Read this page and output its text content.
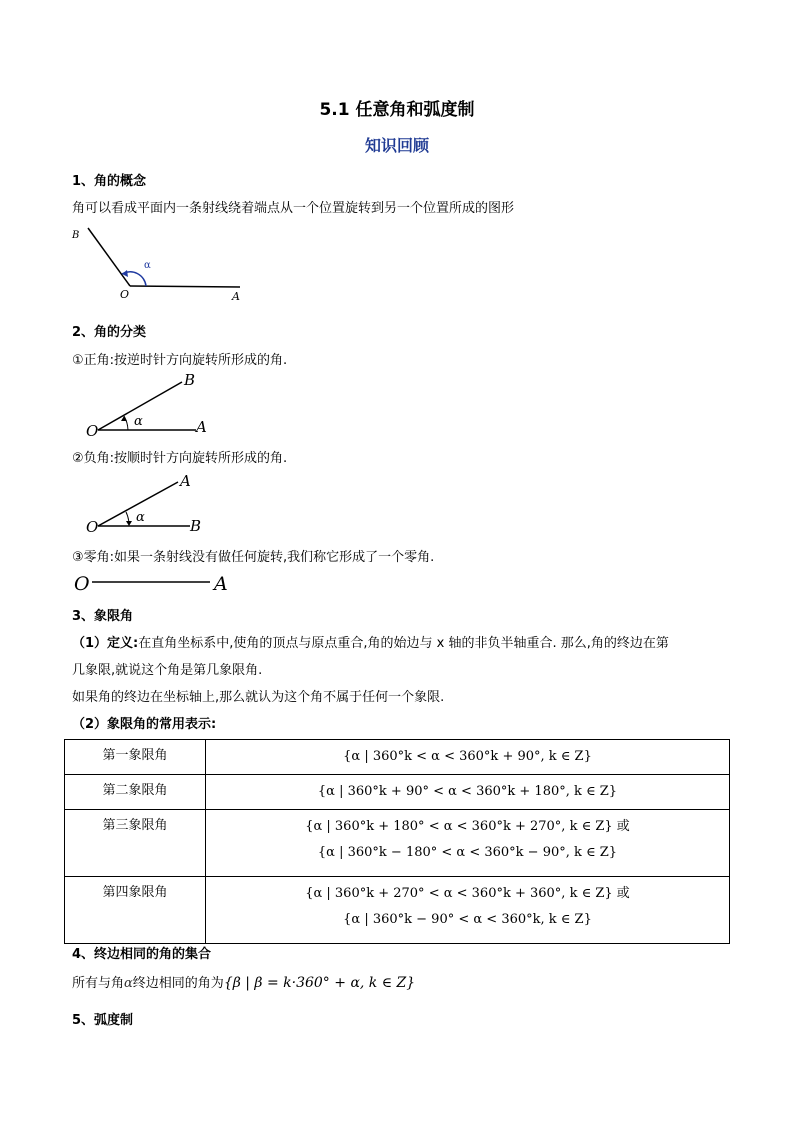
5.1 任意角和弧度制
知识回顾
1、角的概念
角可以看成平面内一条射线绕着端点从一个位置旋转到另一个位置所成的图形
B
O	A
α
2、角的分类
①正角:按逆时针方向旋转所形成的角.
O	A
B
α
②负角:按顺时针方向旋转所形成的角.
O
A
B
α
③零角:如果一条射线没有做任何旋转,我们称它形成了一个零角.
O	A
3、象限角
（1）定义:在直角坐标系中,使角的顶点与原点重合,角的始边与 x 轴的非负半轴重合. 那么,角的终边在第
几象限,就说这个角是第几象限角.
如果角的终边在坐标轴上,那么就认为这个角不属于任何一个象限.
（2）象限角的常用表示:
第一象限角	{α | 360°k < α < 360°k + 90°, k ∈ Z}

第二象限角	{α | 360°k + 90° < α < 360°k + 180°, k ∈ Z}

第三象限角	{α | 360°k + 180° < α < 360°k + 270°, k ∈ Z} 或
{α | 360°k − 180° < α < 360°k − 90°, k ∈ Z}

第四象限角	{α | 360°k + 270° < α < 360°k + 360°, k ∈ Z} 或
{α | 360°k − 90° < α < 360°k, k ∈ Z}
4、终边相同的角的集合
所有与角α终边相同的角为{β | β = k·360° + α, k ∈ Z}
5、弧度制
